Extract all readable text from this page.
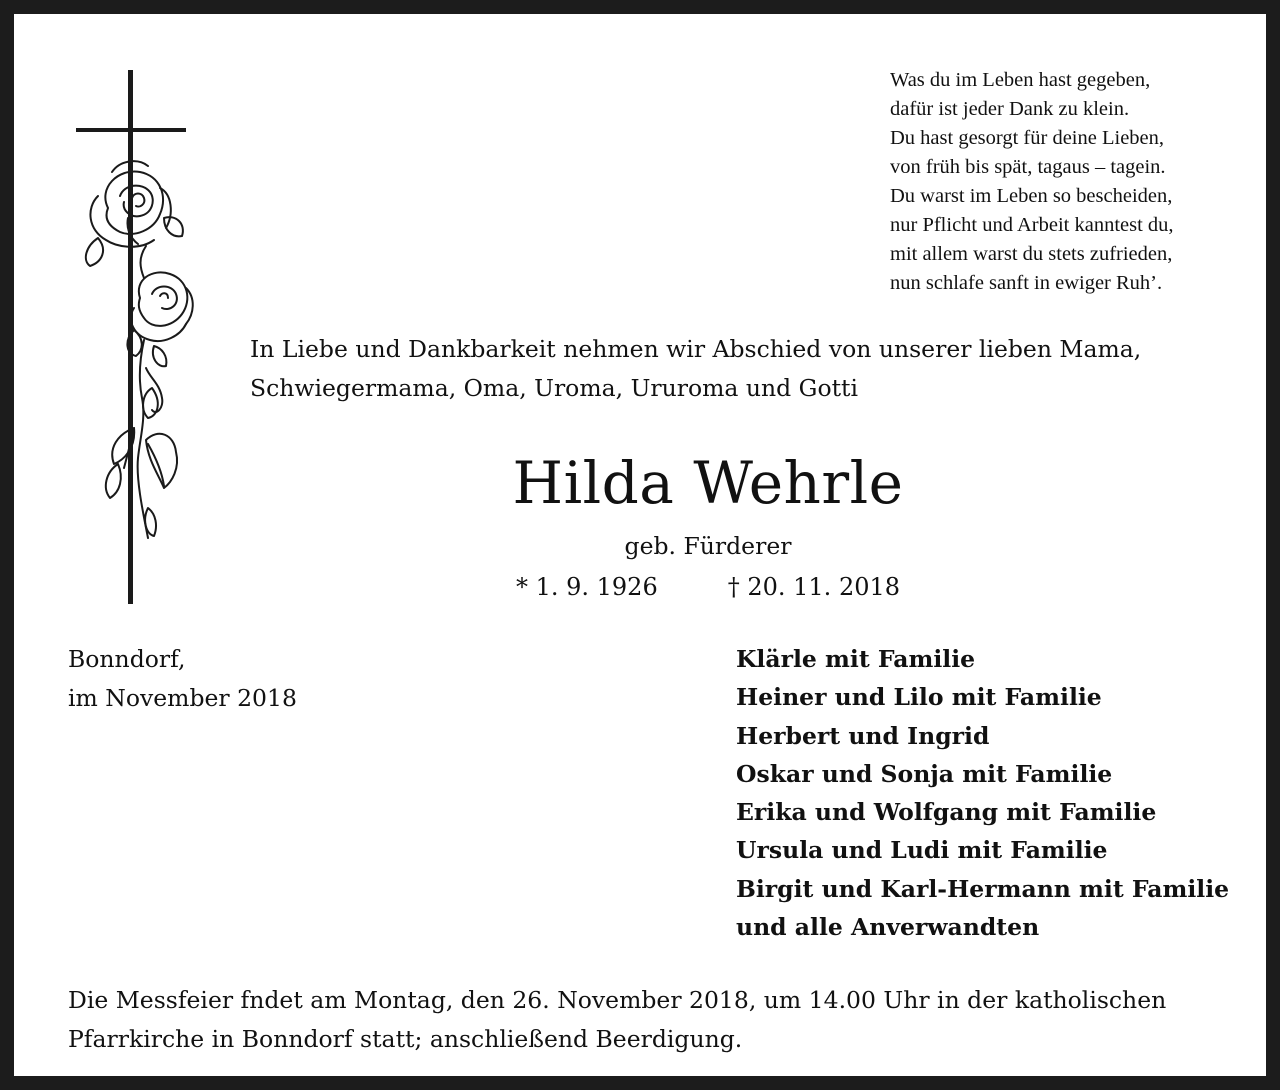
Was du im Leben hast gegeben,
dafür ist jeder Dank zu klein.
Du hast gesorgt für deine Lieben,
von früh bis spät, tagaus – tagein.
Du warst im Leben so bescheiden,
nur Pflicht und Arbeit kanntest du,
mit allem warst du stets zufrieden,
nun schlafe sanft in ewiger Ruh’.
In Liebe und Dankbarkeit nehmen wir Abschied von unserer lieben Mama,
Schwiegermama, Oma, Uroma, Ururoma und Gotti
Hilda Wehrle
geb. Fürderer
* 1. 9. 1926	† 20. 11. 2018
Bonndorf,
im November 2018
Klärle mit Familie
Heiner und Lilo mit Familie
Herbert und Ingrid
Oskar und Sonja mit Familie
Erika und Wolfgang mit Familie
Ursula und Ludi mit Familie
Birgit und Karl-Hermann mit Familie
und alle Anverwandten
Die Messfeier fndet am Montag, den 26. November 2018, um 14.00 Uhr in der katholischen
Pfarrkirche in Bonndorf statt; anschließend Beerdigung.
